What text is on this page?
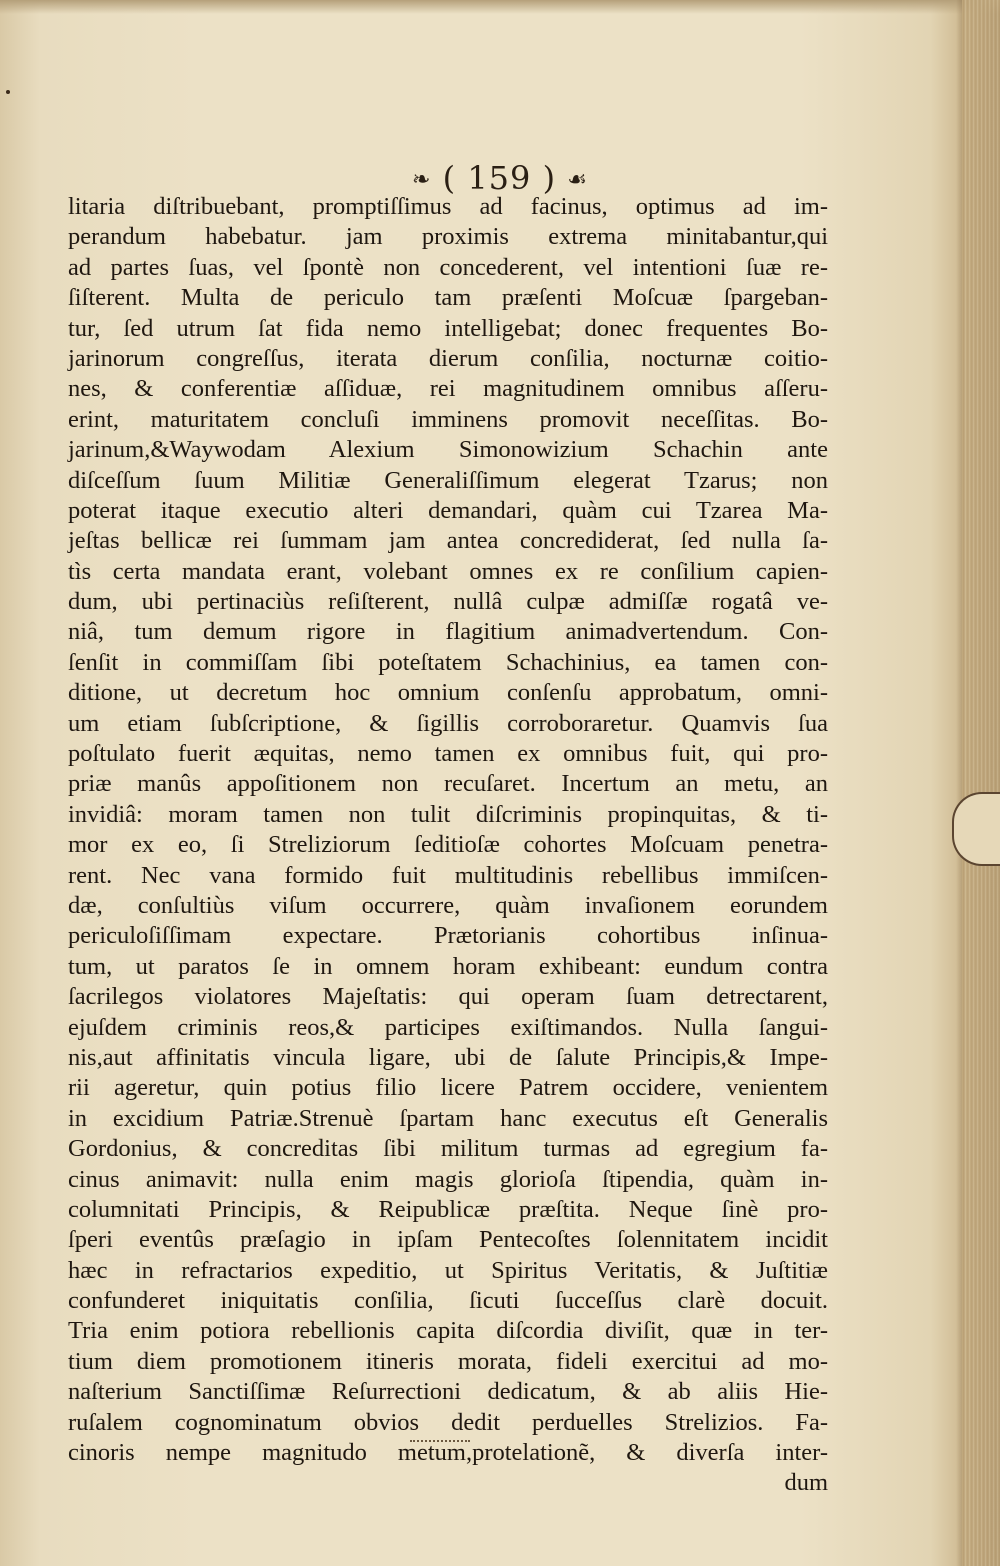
❧ ( 159 ) ☙
litaria diſtribuebant, promptiſſimus ad facinus, optimus ad im-
perandum habebatur. jam proximis extrema minitabantur,qui
ad partes ſuas, vel ſpontè non concederent, vel intentioni ſuæ re-
ſiſterent. Multa de periculo tam præſenti Moſcuæ ſpargeban-
tur, ſed utrum ſat fida nemo intelligebat; donec frequentes Bo-
jarinorum congreſſus, iterata dierum conſilia, nocturnæ coitio-
nes, & conferentiæ aſſiduæ, rei magnitudinem omnibus aſſeru-
erint, maturitatem concluſi imminens promovit neceſſitas. Bo-
jarinum,&Waywodam Alexium Simonowizium Schachin ante
diſceſſum ſuum Militiæ Generaliſſimum elegerat Tzarus; non
poterat itaque executio alteri demandari, quàm cui Tzarea Ma-
jeſtas bellicæ rei ſummam jam antea concrediderat, ſed nulla ſa-
tìs certa mandata erant, volebant omnes ex re conſilium capien-
dum, ubi pertinaciùs reſiſterent, nullâ culpæ admiſſæ rogatâ ve-
niâ, tum demum rigore in flagitium animadvertendum. Con-
ſenſit in commiſſam ſibi poteſtatem Schachinius, ea tamen con-
ditione, ut decretum hoc omnium conſenſu approbatum, omni-
um etiam ſubſcriptione, & ſigillis corroboraretur. Quamvis ſua
poſtulato fuerit æquitas, nemo tamen ex omnibus fuit, qui pro-
priæ manûs appoſitionem non recuſaret. Incertum an metu, an
invidiâ: moram tamen non tulit diſcriminis propinquitas, & ti-
mor ex eo, ſi Streliziorum ſeditioſæ cohortes Moſcuam penetra-
rent. Nec vana formido fuit multitudinis rebellibus immiſcen-
dæ, conſultiùs viſum occurrere, quàm invaſionem eorundem
periculoſiſſimam expectare. Prætorianis cohortibus inſinua-
tum, ut paratos ſe in omnem horam exhibeant: eundum contra
ſacrilegos violatores Majeſtatis: qui operam ſuam detrectarent,
ejuſdem criminis reos,& participes exiſtimandos. Nulla ſangui-
nis,aut affinitatis vincula ligare, ubi de ſalute Principis,& Impe-
rii ageretur, quin potius filio licere Patrem occidere, venientem
in excidium Patriæ.Strenuè ſpartam hanc executus eſt Generalis
Gordonius, & concreditas ſibi militum turmas ad egregium fa-
cinus animavit: nulla enim magis glorioſa ſtipendia, quàm in-
columnitati Principis, & Reipublicæ præſtita. Neque ſinè pro-
ſperi eventûs præſagio in ipſam Pentecoſtes ſolennitatem incidit
hæc in refractarios expeditio, ut Spiritus Veritatis, & Juſtitiæ
confunderet iniquitatis conſilia, ſicuti ſucceſſus clarè docuit.
Tria enim potiora rebellionis capita diſcordia diviſit, quæ in ter-
tium diem promotionem itineris morata, fideli exercitui ad mo-
naſterium Sanctiſſimæ Reſurrectioni dedicatum, & ab aliis Hie-
ruſalem cognominatum obvios dedit perduelles Strelizios. Fa-
cinoris nempe magnitudo metum,protelationẽ, & diverſa inter-
dum
